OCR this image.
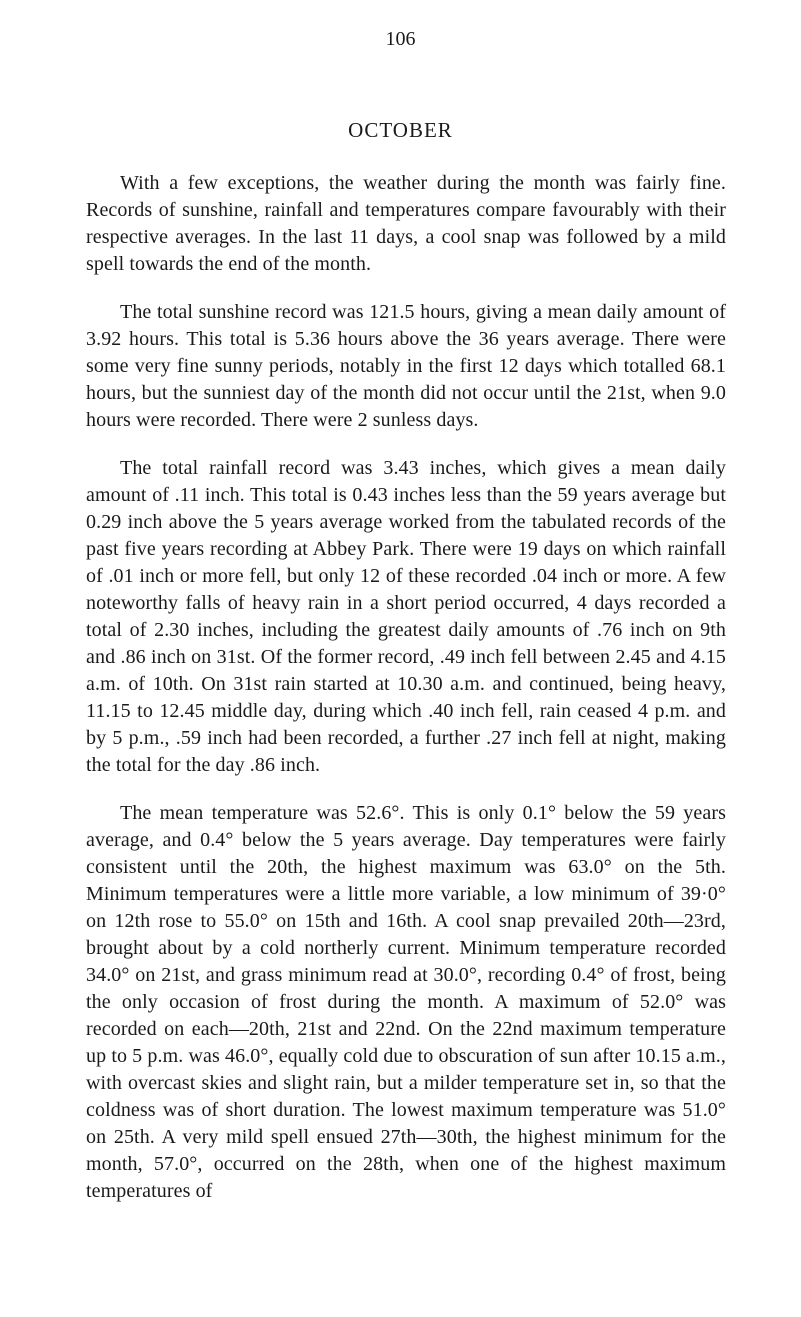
106
OCTOBER

With a few exceptions, the weather during the month was fairly fine. Records of sunshine, rainfall and temperatures compare favourably with their respective averages. In the last 11 days, a cool snap was followed by a mild spell towards the end of the month.

The total sunshine record was 121.5 hours, giving a mean daily amount of 3.92 hours. This total is 5.36 hours above the 36 years average. There were some very fine sunny periods, notably in the first 12 days which totalled 68.1 hours, but the sunniest day of the month did not occur until the 21st, when 9.0 hours were recorded. There were 2 sunless days.

The total rainfall record was 3.43 inches, which gives a mean daily amount of .11 inch. This total is 0.43 inches less than the 59 years average but 0.29 inch above the 5 years average worked from the tabulated records of the past five years recording at Abbey Park. There were 19 days on which rainfall of .01 inch or more fell, but only 12 of these recorded .04 inch or more. A few noteworthy falls of heavy rain in a short period occurred, 4 days recorded a total of 2.30 inches, including the greatest daily amounts of .76 inch on 9th and .86 inch on 31st. Of the former record, .49 inch fell between 2.45 and 4.15 a.m. of 10th. On 31st rain started at 10.30 a.m. and continued, being heavy, 11.15 to 12.45 middle day, during which .40 inch fell, rain ceased 4 p.m. and by 5 p.m., .59 inch had been recorded, a further .27 inch fell at night, making the total for the day .86 inch.

The mean temperature was 52.6°. This is only 0.1° below the 59 years average, and 0.4° below the 5 years average. Day temperatures were fairly consistent until the 20th, the highest maximum was 63.0° on the 5th. Minimum temperatures were a little more variable, a low minimum of 39·0° on 12th rose to 55.0° on 15th and 16th. A cool snap prevailed 20th—23rd, brought about by a cold northerly current. Minimum temperature recorded 34.0° on 21st, and grass minimum read at 30.0°, recording 0.4° of frost, being the only occasion of frost during the month. A maximum of 52.0° was recorded on each—20th, 21st and 22nd. On the 22nd maximum temperature up to 5 p.m. was 46.0°, equally cold due to obscuration of sun after 10.15 a.m., with overcast skies and slight rain, but a milder temperature set in, so that the coldness was of short duration. The lowest maximum temperature was 51.0° on 25th. A very mild spell ensued 27th—30th, the highest minimum for the month, 57.0°, occurred on the 28th, when one of the highest maximum temperatures of
